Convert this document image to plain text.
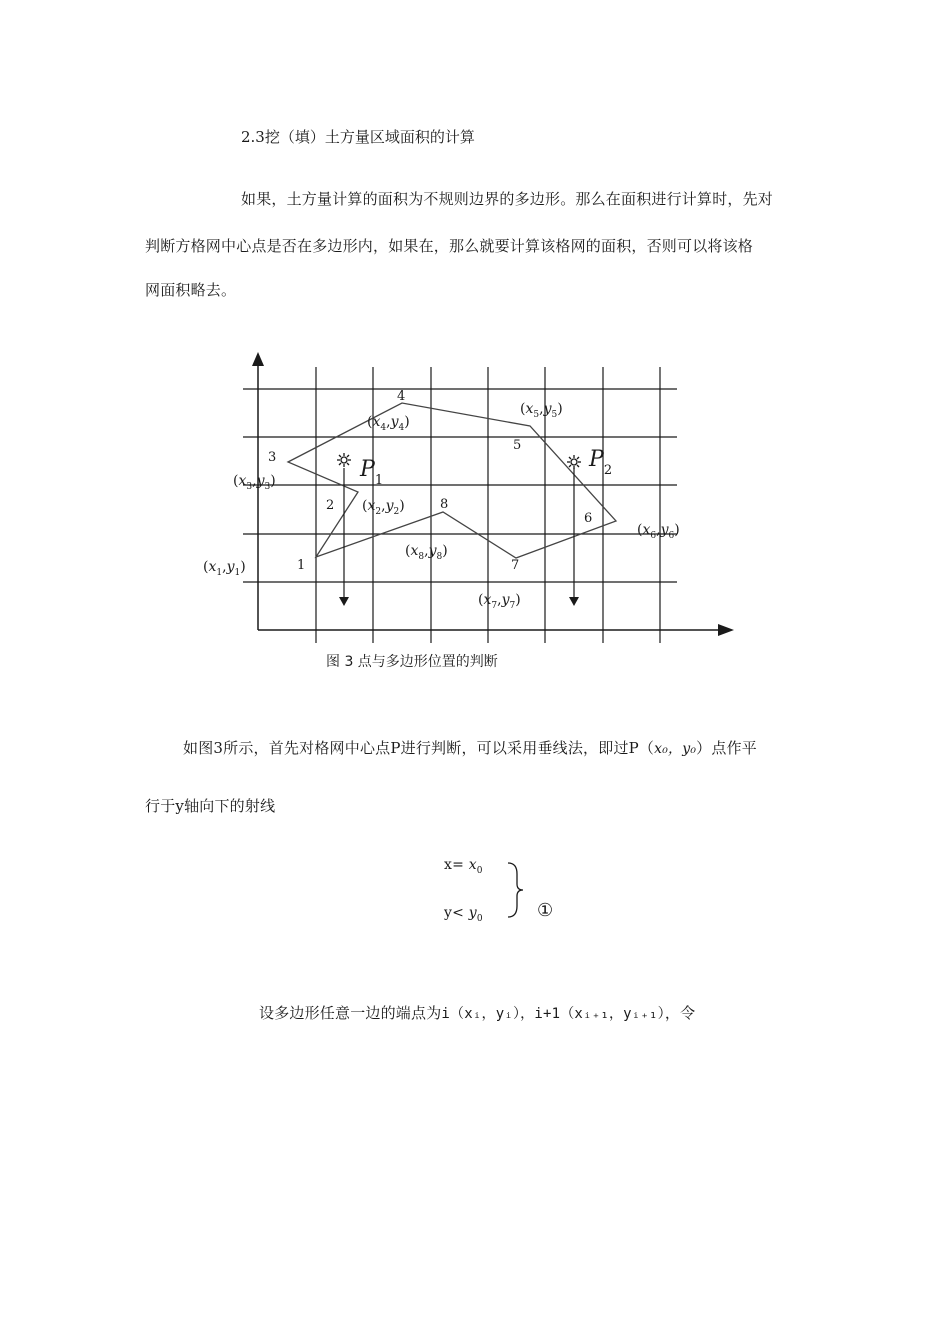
2.3挖（填）土方量区域面积的计算
如果，土方量计算的面积为不规则边界的多边形。那么在面积进行计算时，先对
判断方格网中心点是否在多边形内，如果在，那么就要计算该格网的面积，否则可以将该格
网面积略去。
$P_1$
$P_2$
1
2
3
4
5
6
7
8
$(x_1,y_1)$
$(x_2,y_2)$
$(x_3,y_3)$
$(x_4,y_4)$
$(x_5,y_5)$
$(x_6,y_6)$
$(x_7,y_7)$
$(x_8,y_8)$
图 3 点与多边形位置的判断
如图3所示，首先对格网中心点P进行判断，可以采用垂线法，即过P（x₀，y₀）点作平
行于y轴向下的射线
$x= x_0$
$y< y_0$	①
设多边形任意一边的端点为i（xᵢ，yᵢ），i+1（xᵢ₊₁，yᵢ₊₁），令
